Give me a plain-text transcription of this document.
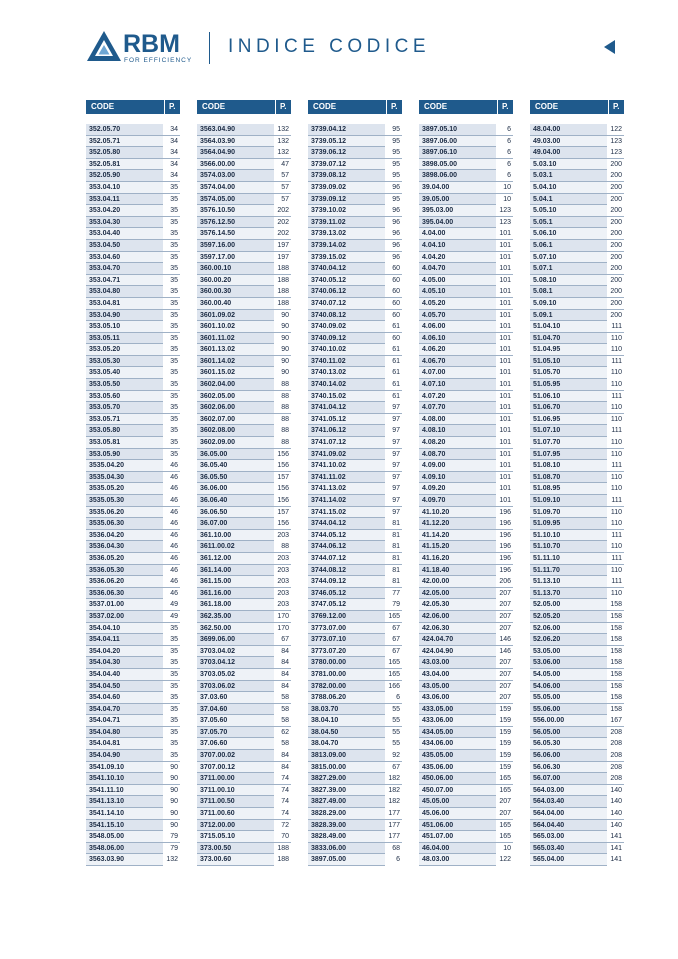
RBM
FOR EFFICIENCY
INDICE CODICE
CODE	P.
352.05.70	34
352.05.71	34
352.05.80	34
352.05.81	34
352.05.90	34
353.04.10	35
353.04.11	35
353.04.20	35
353.04.30	35
353.04.40	35
353.04.50	35
353.04.60	35
353.04.70	35
353.04.71	35
353.04.80	35
353.04.81	35
353.04.90	35
353.05.10	35
353.05.11	35
353.05.20	35
353.05.30	35
353.05.40	35
353.05.50	35
353.05.60	35
353.05.70	35
353.05.71	35
353.05.80	35
353.05.81	35
353.05.90	35
3535.04.20	46
3535.04.30	46
3535.05.20	46
3535.05.30	46
3535.06.20	46
3535.06.30	46
3536.04.20	46
3536.04.30	46
3536.05.20	46
3536.05.30	46
3536.06.20	46
3536.06.30	46
3537.01.00	49
3537.02.00	49
354.04.10	35
354.04.11	35
354.04.20	35
354.04.30	35
354.04.40	35
354.04.50	35
354.04.60	35
354.04.70	35
354.04.71	35
354.04.80	35
354.04.81	35
354.04.90	35
3541.09.10	90
3541.10.10	90
3541.11.10	90
3541.13.10	90
3541.14.10	90
3541.15.10	90
3548.05.00	79
3548.06.00	79
3563.03.90	132
CODE	P.
3563.04.90	132
3564.03.90	132
3564.04.90	132
3566.00.00	47
3574.03.00	57
3574.04.00	57
3574.05.00	57
3576.10.50	202
3576.12.50	202
3576.14.50	202
3597.16.00	197
3597.17.00	197
360.00.10	188
360.00.20	188
360.00.30	188
360.00.40	188
3601.09.02	90
3601.10.02	90
3601.11.02	90
3601.13.02	90
3601.14.02	90
3601.15.02	90
3602.04.00	88
3602.05.00	88
3602.06.00	88
3602.07.00	88
3602.08.00	88
3602.09.00	88
36.05.00	156
36.05.40	156
36.05.50	157
36.06.00	156
36.06.40	156
36.06.50	157
36.07.00	156
361.10.00	203
3611.00.02	88
361.12.00	203
361.14.00	203
361.15.00	203
361.16.00	203
361.18.00	203
362.35.00	170
362.50.00	170
3699.06.00	67
3703.04.02	84
3703.04.12	84
3703.05.02	84
3703.06.02	84
37.03.60	58
37.04.60	58
37.05.60	58
37.05.70	62
37.06.60	58
3707.00.02	84
3707.00.12	84
3711.00.00	74
3711.00.10	74
3711.00.50	74
3711.00.60	74
3712.00.00	72
3715.05.10	70
373.00.50	188
373.00.60	188
CODE	P.
3739.04.12	95
3739.05.12	95
3739.06.12	95
3739.07.12	95
3739.08.12	95
3739.09.02	96
3739.09.12	95
3739.10.02	96
3739.11.02	96
3739.13.02	96
3739.14.02	96
3739.15.02	96
3740.04.12	60
3740.05.12	60
3740.06.12	60
3740.07.12	60
3740.08.12	60
3740.09.02	61
3740.09.12	60
3740.10.02	61
3740.11.02	61
3740.13.02	61
3740.14.02	61
3740.15.02	61
3741.04.12	97
3741.05.12	97
3741.06.12	97
3741.07.12	97
3741.09.02	97
3741.10.02	97
3741.11.02	97
3741.13.02	97
3741.14.02	97
3741.15.02	97
3744.04.12	81
3744.05.12	81
3744.06.12	81
3744.07.12	81
3744.08.12	81
3744.09.12	81
3746.05.12	77
3747.05.12	79
3769.12.00	165
3773.07.00	67
3773.07.10	67
3773.07.20	67
3780.00.00	165
3781.00.00	165
3782.00.00	166
3788.06.20	6
38.03.70	55
38.04.10	55
38.04.50	55
38.04.70	55
3813.09.00	92
3815.00.00	67
3827.29.00	182
3827.39.00	182
3827.49.00	182
3828.29.00	177
3828.39.00	177
3828.49.00	177
3833.06.00	68
3897.05.00	6
CODE	P.
3897.05.10	6
3897.06.00	6
3897.06.10	6
3898.05.00	6
3898.06.00	6
39.04.00	10
39.05.00	10
395.03.00	123
395.04.00	123
4.04.00	101
4.04.10	101
4.04.20	101
4.04.70	101
4.05.00	101
4.05.10	101
4.05.20	101
4.05.70	101
4.06.00	101
4.06.10	101
4.06.20	101
4.06.70	101
4.07.00	101
4.07.10	101
4.07.20	101
4.07.70	101
4.08.00	101
4.08.10	101
4.08.20	101
4.08.70	101
4.09.00	101
4.09.10	101
4.09.20	101
4.09.70	101
41.10.20	196
41.12.20	196
41.14.20	196
41.15.20	196
41.16.20	196
41.18.40	196
42.00.00	206
42.05.00	207
42.05.30	207
42.06.00	207
42.06.30	207
424.04.70	146
424.04.90	146
43.03.00	207
43.04.00	207
43.05.00	207
43.06.00	207
433.05.00	159
433.06.00	159
434.05.00	159
434.06.00	159
435.05.00	159
435.06.00	159
450.06.00	165
450.07.00	165
45.05.00	207
45.06.00	207
451.06.00	165
451.07.00	165
46.04.00	10
48.03.00	122
CODE	P.
48.04.00	122
49.03.00	123
49.04.00	123
5.03.10	200
5.03.1	200
5.04.10	200
5.04.1	200
5.05.10	200
5.05.1	200
5.06.10	200
5.06.1	200
5.07.10	200
5.07.1	200
5.08.10	200
5.08.1	200
5.09.10	200
5.09.1	200
51.04.10	111
51.04.70	110
51.04.95	110
51.05.10	111
51.05.70	110
51.05.95	110
51.06.10	111
51.06.70	110
51.06.95	110
51.07.10	111
51.07.70	110
51.07.95	110
51.08.10	111
51.08.70	110
51.08.95	110
51.09.10	111
51.09.70	110
51.09.95	110
51.10.10	111
51.10.70	110
51.11.10	111
51.11.70	110
51.13.10	111
51.13.70	110
52.05.00	158
52.05.20	158
52.06.00	158
52.06.20	158
53.05.00	158
53.06.00	158
54.05.00	158
54.06.00	158
55.05.00	158
55.06.00	158
556.00.00	167
56.05.00	208
56.05.30	208
56.06.00	208
56.06.30	208
56.07.00	208
564.03.00	140
564.03.40	140
564.04.00	140
564.04.40	140
565.03.00	141
565.03.40	141
565.04.00	141
